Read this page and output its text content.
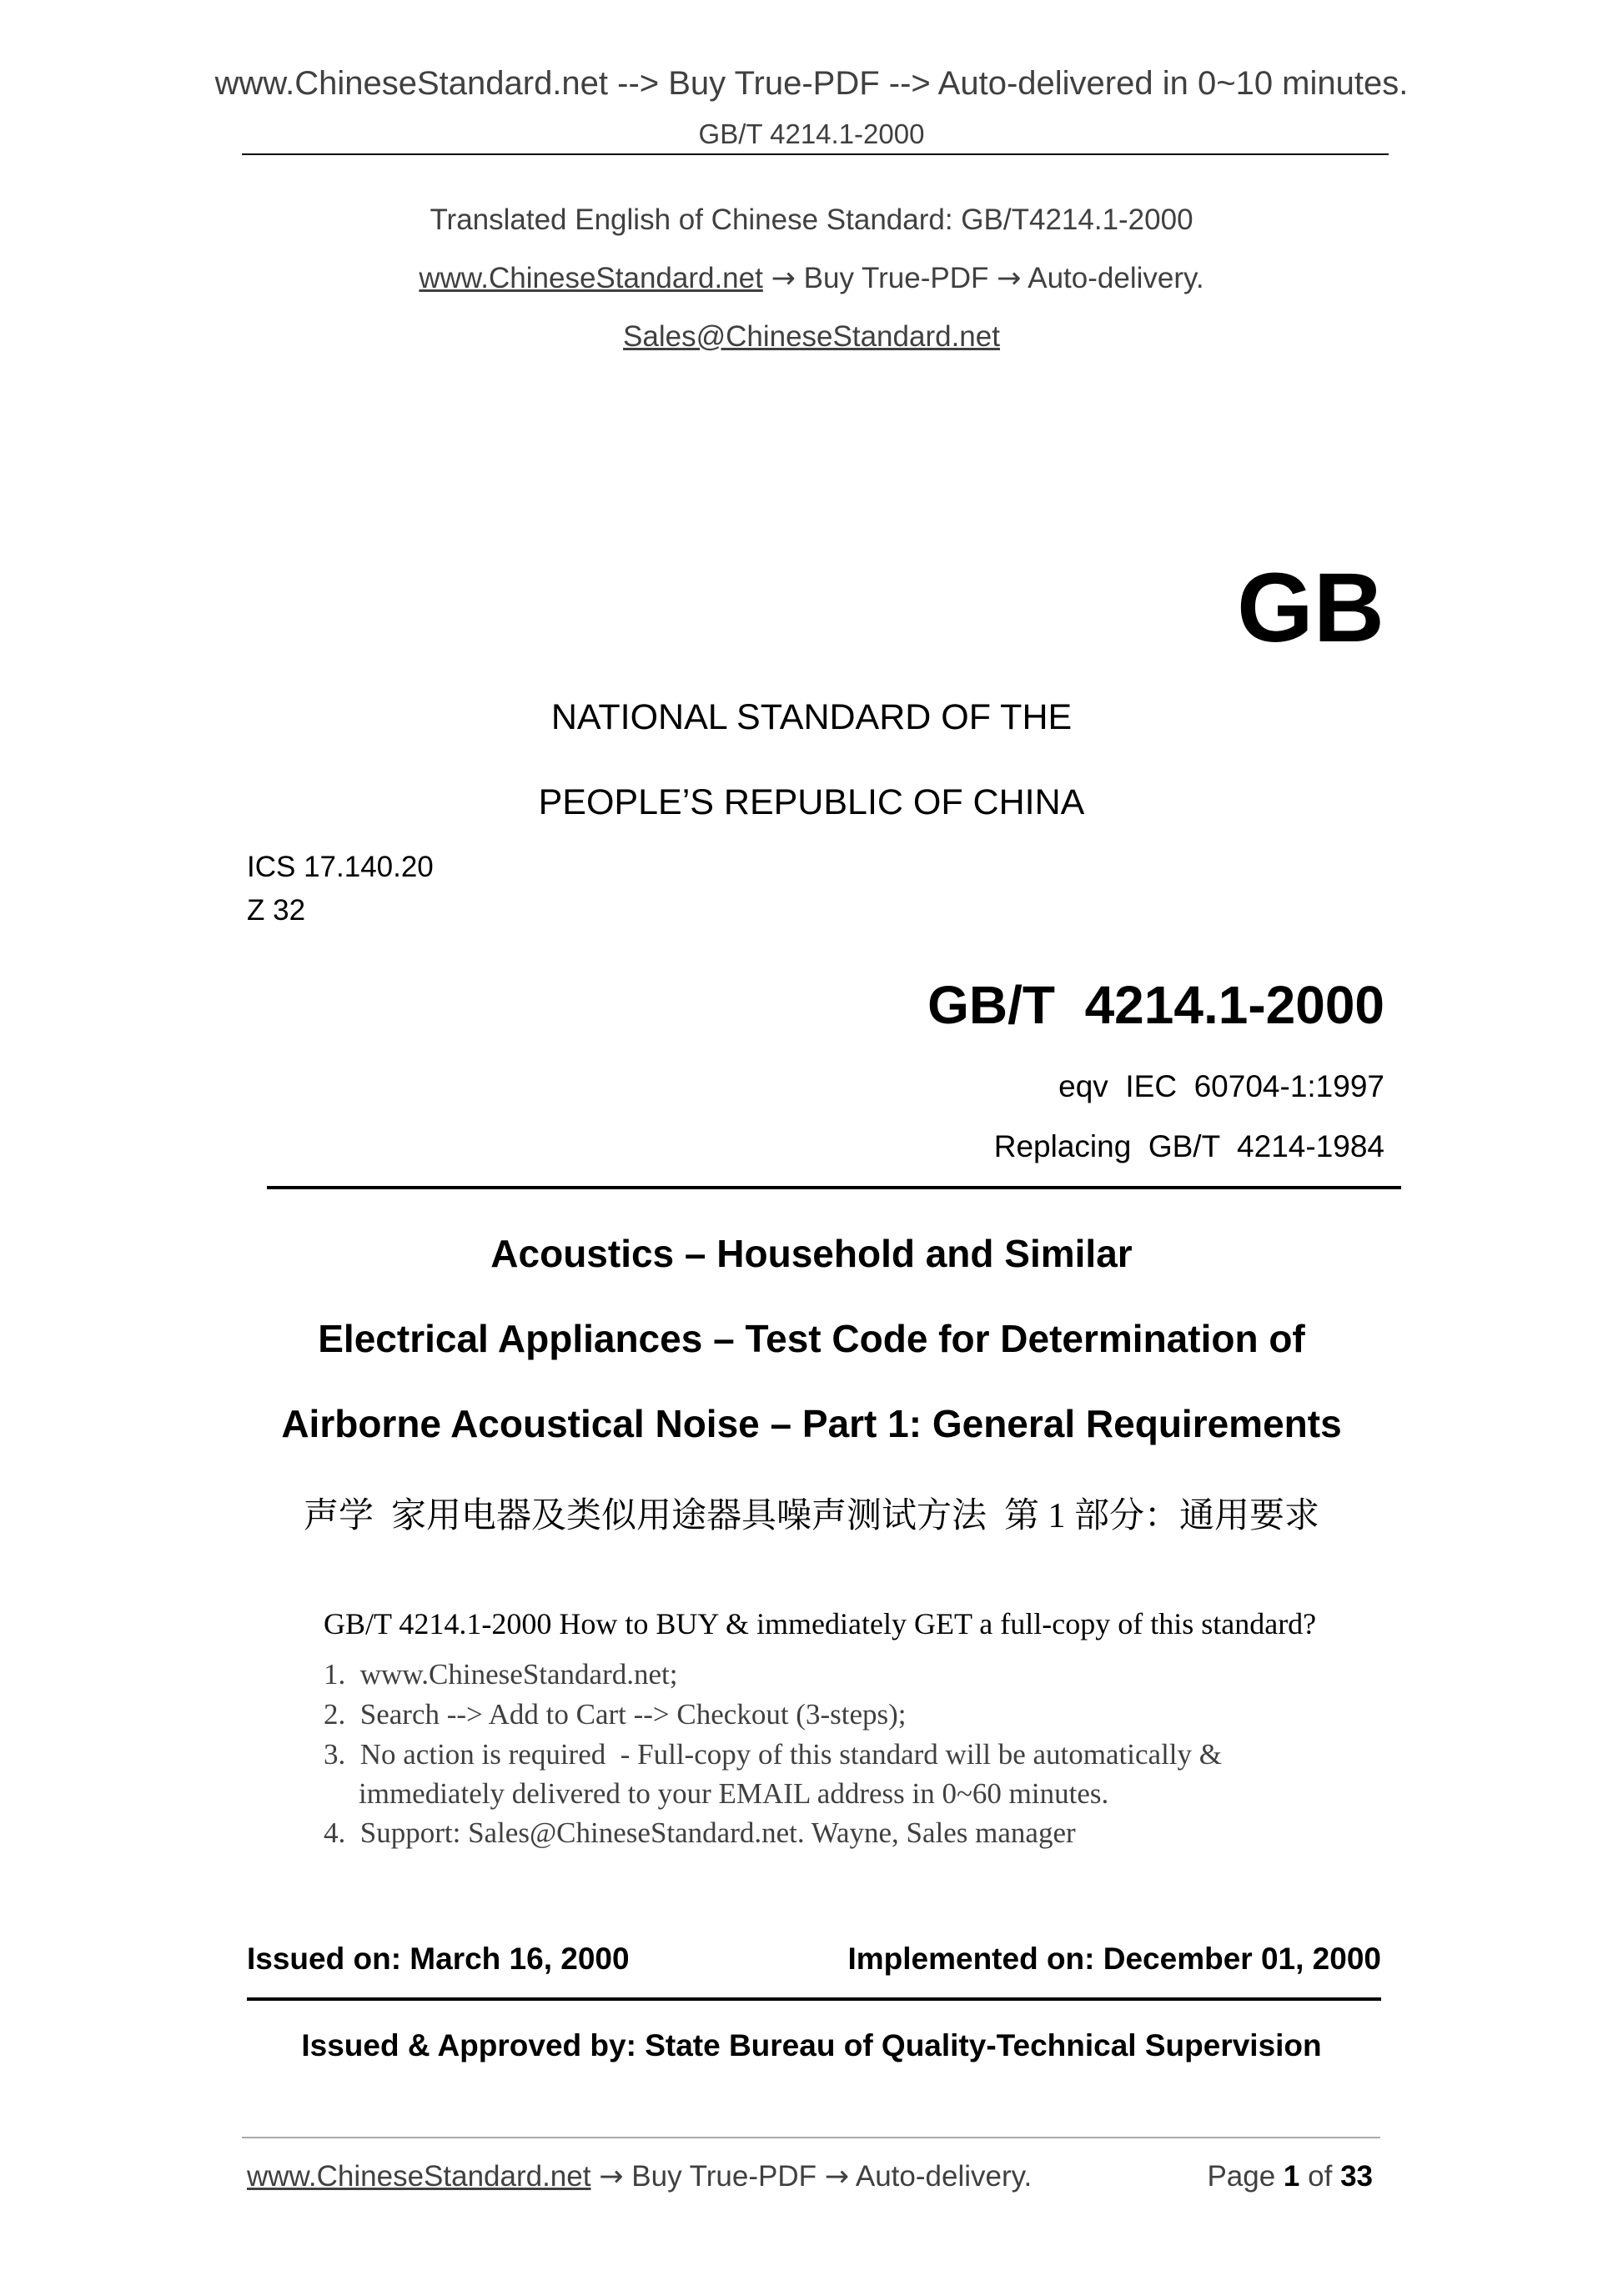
www.ChineseStandard.net --> Buy True-PDF --> Auto-delivered in 0~10 minutes.
GB/T 4214.1-2000
Translated English of Chinese Standard: GB/T4214.1-2000
www.ChineseStandard.net → Buy True-PDF → Auto-delivery.
Sales@ChineseStandard.net
GB
NATIONAL STANDARD OF THE
PEOPLE’S REPUBLIC OF CHINA
ICS 17.140.20
Z 32
GB/T  4214.1-2000
eqv  IEC  60704-1:1997
Replacing  GB/T  4214-1984
Acoustics – Household and Similar
Electrical Appliances – Test Code for Determination of
Airborne Acoustical Noise – Part 1: General Requirements
声学  家用电器及类似用途器具噪声测试方法  第 1 部分：通用要求
GB/T 4214.1-2000 How to BUY & immediately GET a full-copy of this standard?
1.  www.ChineseStandard.net;
2.  Search --> Add to Cart --> Checkout (3-steps);
3.  No action is required  - Full-copy of this standard will be automatically &
immediately delivered to your EMAIL address in 0~60 minutes.
4.  Support: Sales@ChineseStandard.net. Wayne, Sales manager
Issued on: March 16, 2000	Implemented on: December 01, 2000
Issued & Approved by: State Bureau of Quality-Technical Supervision
www.ChineseStandard.net → Buy True-PDF → Auto-delivery.	Page 1 of 33
